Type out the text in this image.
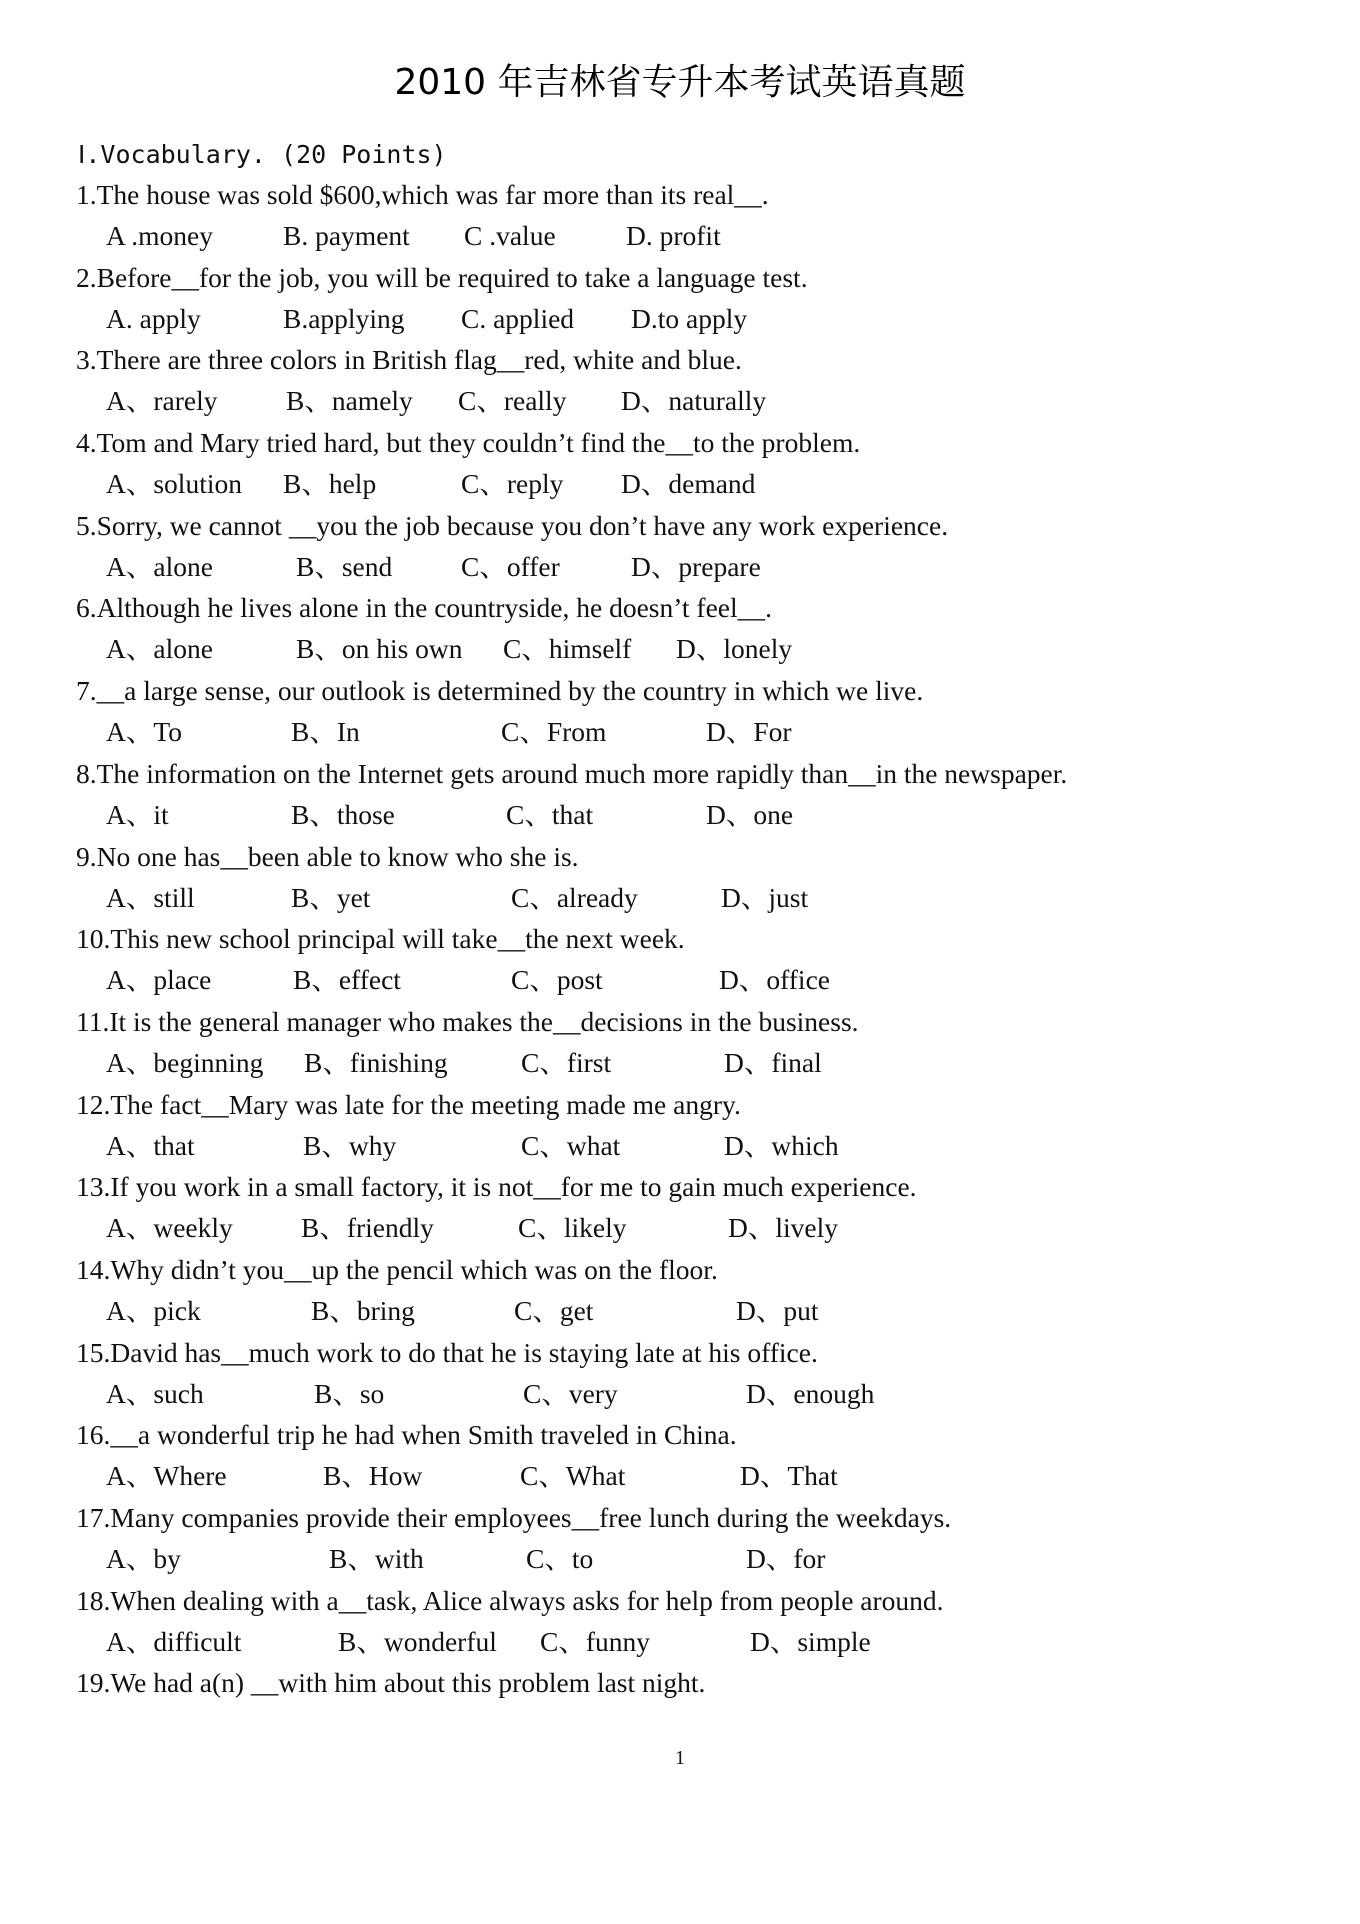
2010 年吉林省专升本考试英语真题
Ⅰ.Vocabulary. (20 Points)
1.The house was sold $600,which was far more than its real__.
A .money	B. payment C .value	D. profit
2.Before__for the job, you will be required to take a language test.
A. apply	B.applying C. applied D.to apply
3.There are three colors in British flag__red, white and blue.
A、rarely B、namely C、really D、naturally
4.Tom and Mary tried hard, but they couldn’t find the__to the problem.
A、solution B、help	C、reply D、demand
5.Sorry, we cannot __you the job because you don’t have any work experience.
A、alone	B、send	C、offer	D、prepare
6.Although he lives alone in the countryside, he doesn’t feel__.
A、alone	B、on his own C、himself D、lonely
7.__a large sense, our outlook is determined by the country in which we live.
A、To	B、In	C、From	D、For
8.The information on the Internet gets around much more rapidly than__in the newspaper.
A、it	B、those	C、that	D、one
9.No one has__been able to know who she is.
A、still	B、yet	C、already	D、just
10.This new school principal will take__the next week.
A、place	B、effect	C、post	D、office
11.It is the general manager who makes the__decisions in the business.
A、beginning B、finishing	C、first	D、final
12.The fact__Mary was late for the meeting made me angry.
A、that	B、why	C、what	D、which
13.If you work in a small factory, it is not__for me to gain much experience.
A、weekly B、friendly	C、likely	D、lively
14.Why didn’t you__up the pencil which was on the floor.
A、pick	B、bring	C、get	D、put
15.David has__much work to do that he is staying late at his office.
A、such	B、so	C、very	D、enough
16.__a wonderful trip he had when Smith traveled in China.
A、Where	B、How	C、What	D、That
17.Many companies provide their employees__free lunch during the weekdays.
A、by	B、with	C、to	D、for
18.When dealing with a__task, Alice always asks for help from people around.
A、difficult	B、wonderful C、funny	D、simple
19.We had a(n) __with him about this problem last night.
1
